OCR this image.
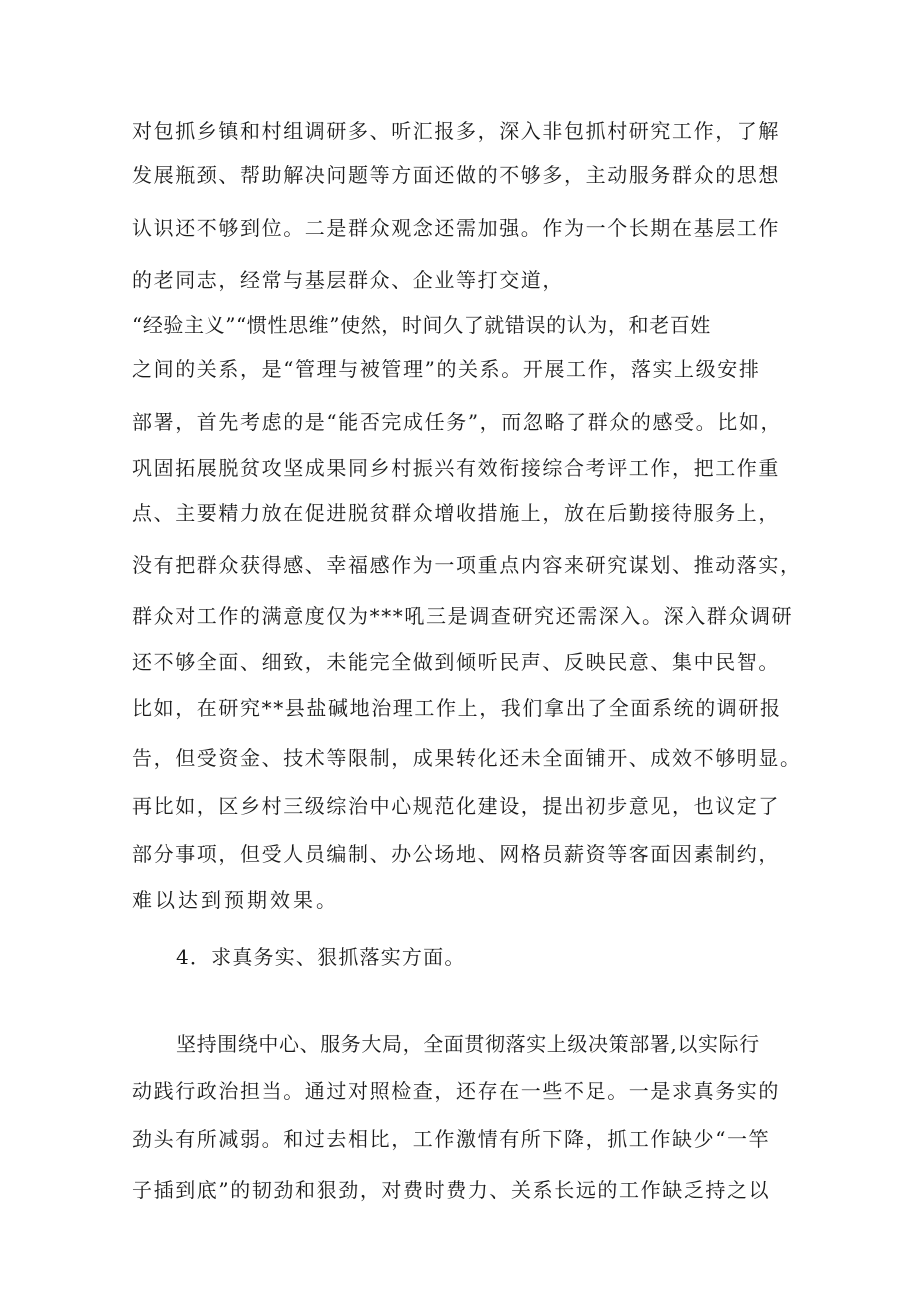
对包抓乡镇和村组调研多、听汇报多，深入非包抓村研究工作，了解
发展瓶颈、帮助解决问题等方面还做的不够多，主动服务群众的思想
认识还不够到位。二是群众观念还需加强。作为一个长期在基层工作
的老同志，经常与基层群众、企业等打交道，
“经验主义”“惯性思维”使然，时间久了就错误的认为，和老百姓
之间的关系，是“管理与被管理”的关系。开展工作，落实上级安排
部署，首先考虑的是“能否完成任务”，而忽略了群众的感受。比如，
巩固拓展脱贫攻坚成果同乡村振兴有效衔接综合考评工作，把工作重
点、主要精力放在促进脱贫群众增收措施上，放在后勤接待服务上，
没有把群众获得感、幸福感作为一项重点内容来研究谋划、推动落实，
群众对工作的满意度仅为***吼三是调查研究还需深入。深入群众调研
还不够全面、细致，未能完全做到倾听民声、反映民意、集中民智。
比如，在研究**县盐碱地治理工作上，我们拿出了全面系统的调研报
告，但受资金、技术等限制，成果转化还未全面铺开、成效不够明显。
再比如，区乡村三级综治中心规范化建设，提出初步意见，也议定了
部分事项，但受人员编制、办公场地、网格员薪资等客面因素制约，
难以达到预期效果。
4．求真务实、狠抓落实方面。
坚持围绕中心、服务大局，全面贯彻落实上级决策部署,以实际行
动践行政治担当。通过对照检查，还存在一些不足。一是求真务实的
劲头有所减弱。和过去相比，工作激情有所下降，抓工作缺少“一竿
子插到底”的韧劲和狠劲，对费时费力、关系长远的工作缺乏持之以
